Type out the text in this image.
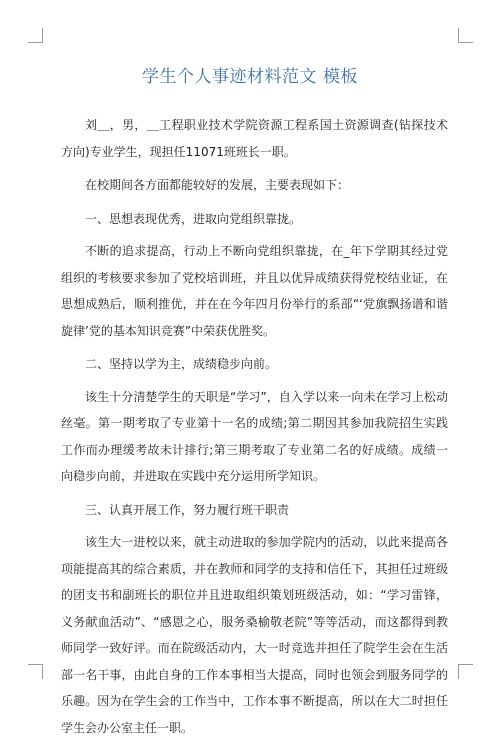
学生个人事迹材料范文 模板

刘＿，男，＿工程职业技术学院资源工程系国土资源调查(钻探技术方向)专业学生，现担任11071班班长一职。

在校期间各方面都能较好的发展，主要表现如下：

一、思想表现优秀，进取向党组织靠拢。

不断的追求提高，行动上不断向党组织靠拢，在_年下学期其经过党组织的考核要求参加了党校培训班，并且以优异成绩获得党校结业证，在思想成熟后，顺利推优，并在在今年四月份举行的系部“‘党旗飘扬谱和谐旋律’党的基本知识竞赛”中荣获优胜奖。

二、坚持以学为主，成绩稳步向前。

该生十分清楚学生的天职是“学习”，自入学以来一向未在学习上松动丝毫。第一期考取了专业第十一名的成绩;第二期因其参加我院招生实践工作而办理缓考故未计排行;第三期考取了专业第二名的好成绩。成绩一向稳步向前，并进取在实践中充分运用所学知识。

三、认真开展工作，努力履行班干职责

该生大一进校以来，就主动进取的参加学院内的活动，以此来提高各项能提高其的综合素质，并在教师和同学的支持和信任下，其担任过班级的团支书和副班长的职位并且进取组织策划班级活动，如：“学习雷锋，义务献血活动”、“感恩之心，服务桑榆敬老院”等等活动，而这都得到教师同学一致好评。而在院级活动内，大一时竞选并担任了院学生会在生活部一名干事，由此自身的工作本事相当大提高，同时也领会到服务同学的乐趣。因为在学生会的工作当中，工作本事不断提高，所以在大二时担任学生会办公室主任一职。
